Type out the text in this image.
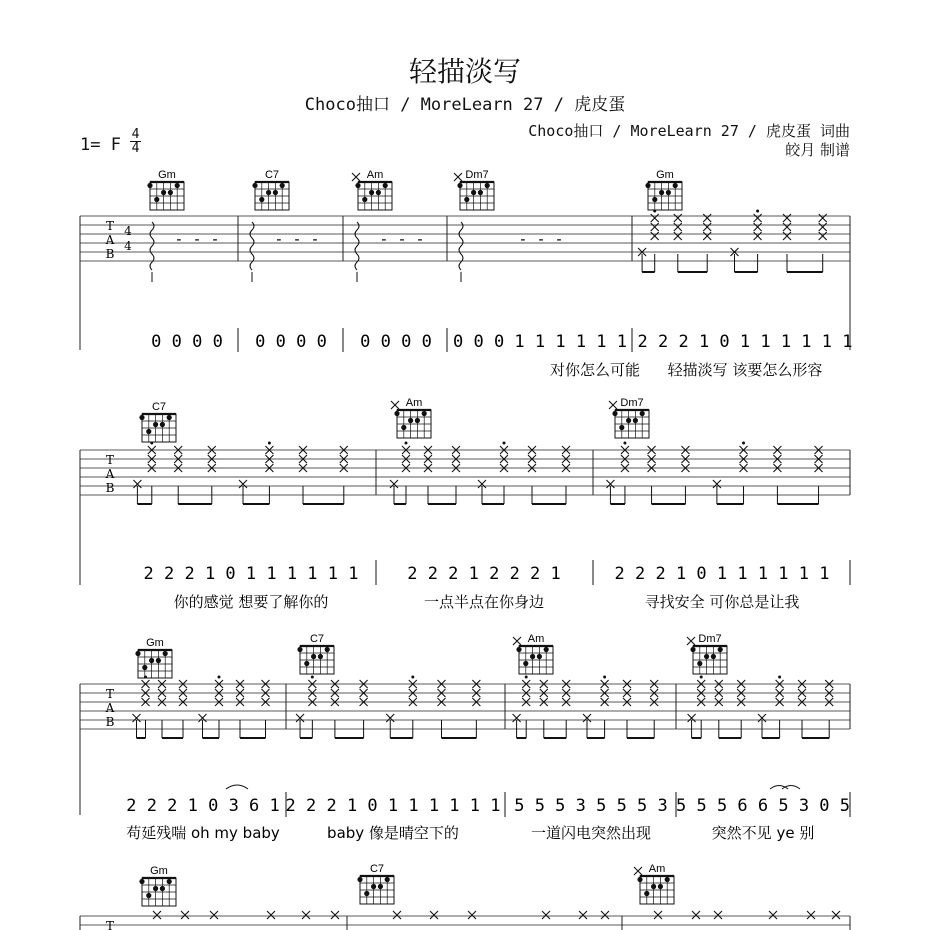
轻描淡写
Choco抽口 / MoreLearn 27 / 虎皮蛋
Choco抽口 / MoreLearn 27 / 虎皮蛋 词曲
皎月 制谱
1= F
4
4
Gm	C7	Am	Dm7	Gm
T
A
B
4
4	- - -	- - -	- - -	- - -
0 0 0 0 0 0 0 0 0 0 0 0 0 0 0 1 1 1 1 1 1
对你怎么可能
2 2 2 1 0 1 1 1 1 1 1
轻描淡写 该要怎么形容
C7	Am	Dm7
T
A
B
2 2 2 1 0 1 1 1 1 1 1
你的感觉 想要了解你的
2 2 2 1 2 2 2 1
一点半点在你身边
2 2 2 1 0 1 1 1 1 1 1
寻找安全 可你总是让我
Gm	C7	Am	Dm7
T
A
B
2 2 2 1 0 3 6 1
苟延残喘 oh my baby
2 2 2 1 0 1 1 1 1 1 1
baby 像是晴空下的
5 5 5 3 5 5 5 3
一道闪电突然出现
5 5 5 6 6 5 3 0 5
突然不见 ye 别
Gm	C7	Am
T
